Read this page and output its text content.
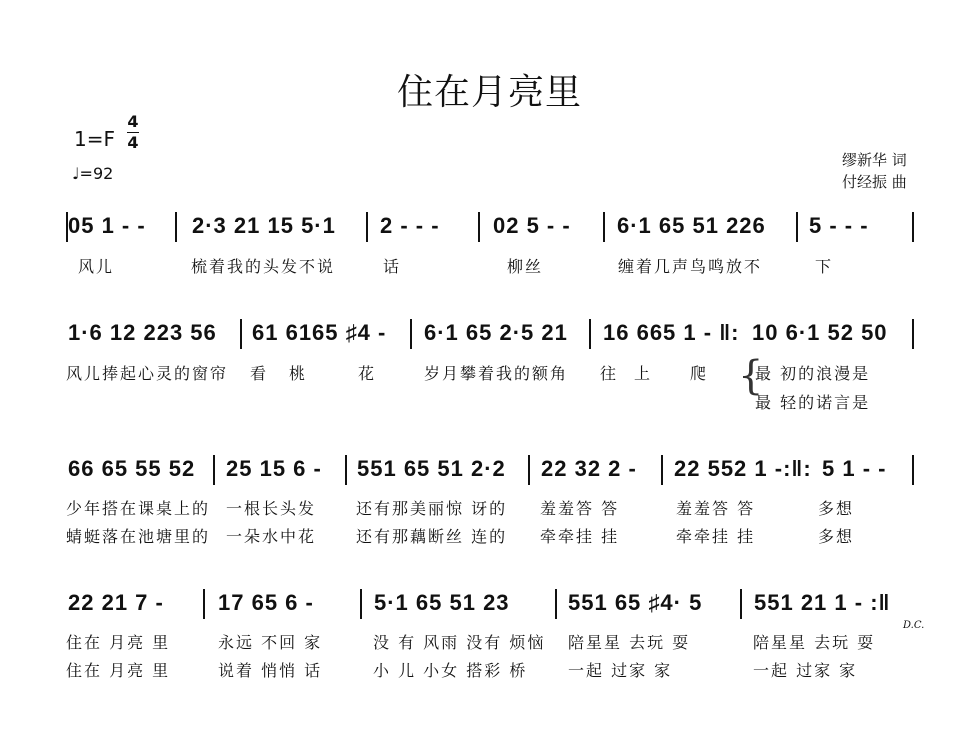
住在月亮里
1=F
4
4
♩=92
缪新华 词
付经振 曲
05 1 - - 2·3 21 15 5·1 2 - - - 02 5 - - 6·1 65 51 226 5 - - -
风儿	梳着我的头发不说	话	柳丝	缠着几声鸟鸣放不	下
1·6 12 223 56 61 6165 ♯4 - 6·1 65 2·5 21 16 665 1 - ‖: 10 6·1 52 50
风儿捧起心灵的窗帘 看 桃	花	岁月攀着我的额角 往 上 爬 {
最 初的浪漫是
最 轻的诺言是
66 65 55 52 25 15 6 - 551 65 51 2·2 22 32 2 - 22 552 1 -:‖: 5 1 - -
少年搭在课桌上的 一根长头发 还有那美丽惊 讶的 羞羞答 答	羞羞答 答	多想
蜻蜓落在池塘里的 一朵水中花 还有那藕断丝 连的 牵牵挂 挂	牵牵挂 挂	多想
22 21 7 - 17 65 6 -	5·1 65 51 23	551 65 ♯4· 5 551 21 1 - :‖
D.C.
住在 月亮 里	永远 不回 家	没 有 风雨 没有 烦恼 陪星星 去玩 耍	陪星星 去玩 耍
住在 月亮 里	说着 悄悄 话	小 儿 小女 搭彩 桥	一起 过家 家	一起 过家 家
